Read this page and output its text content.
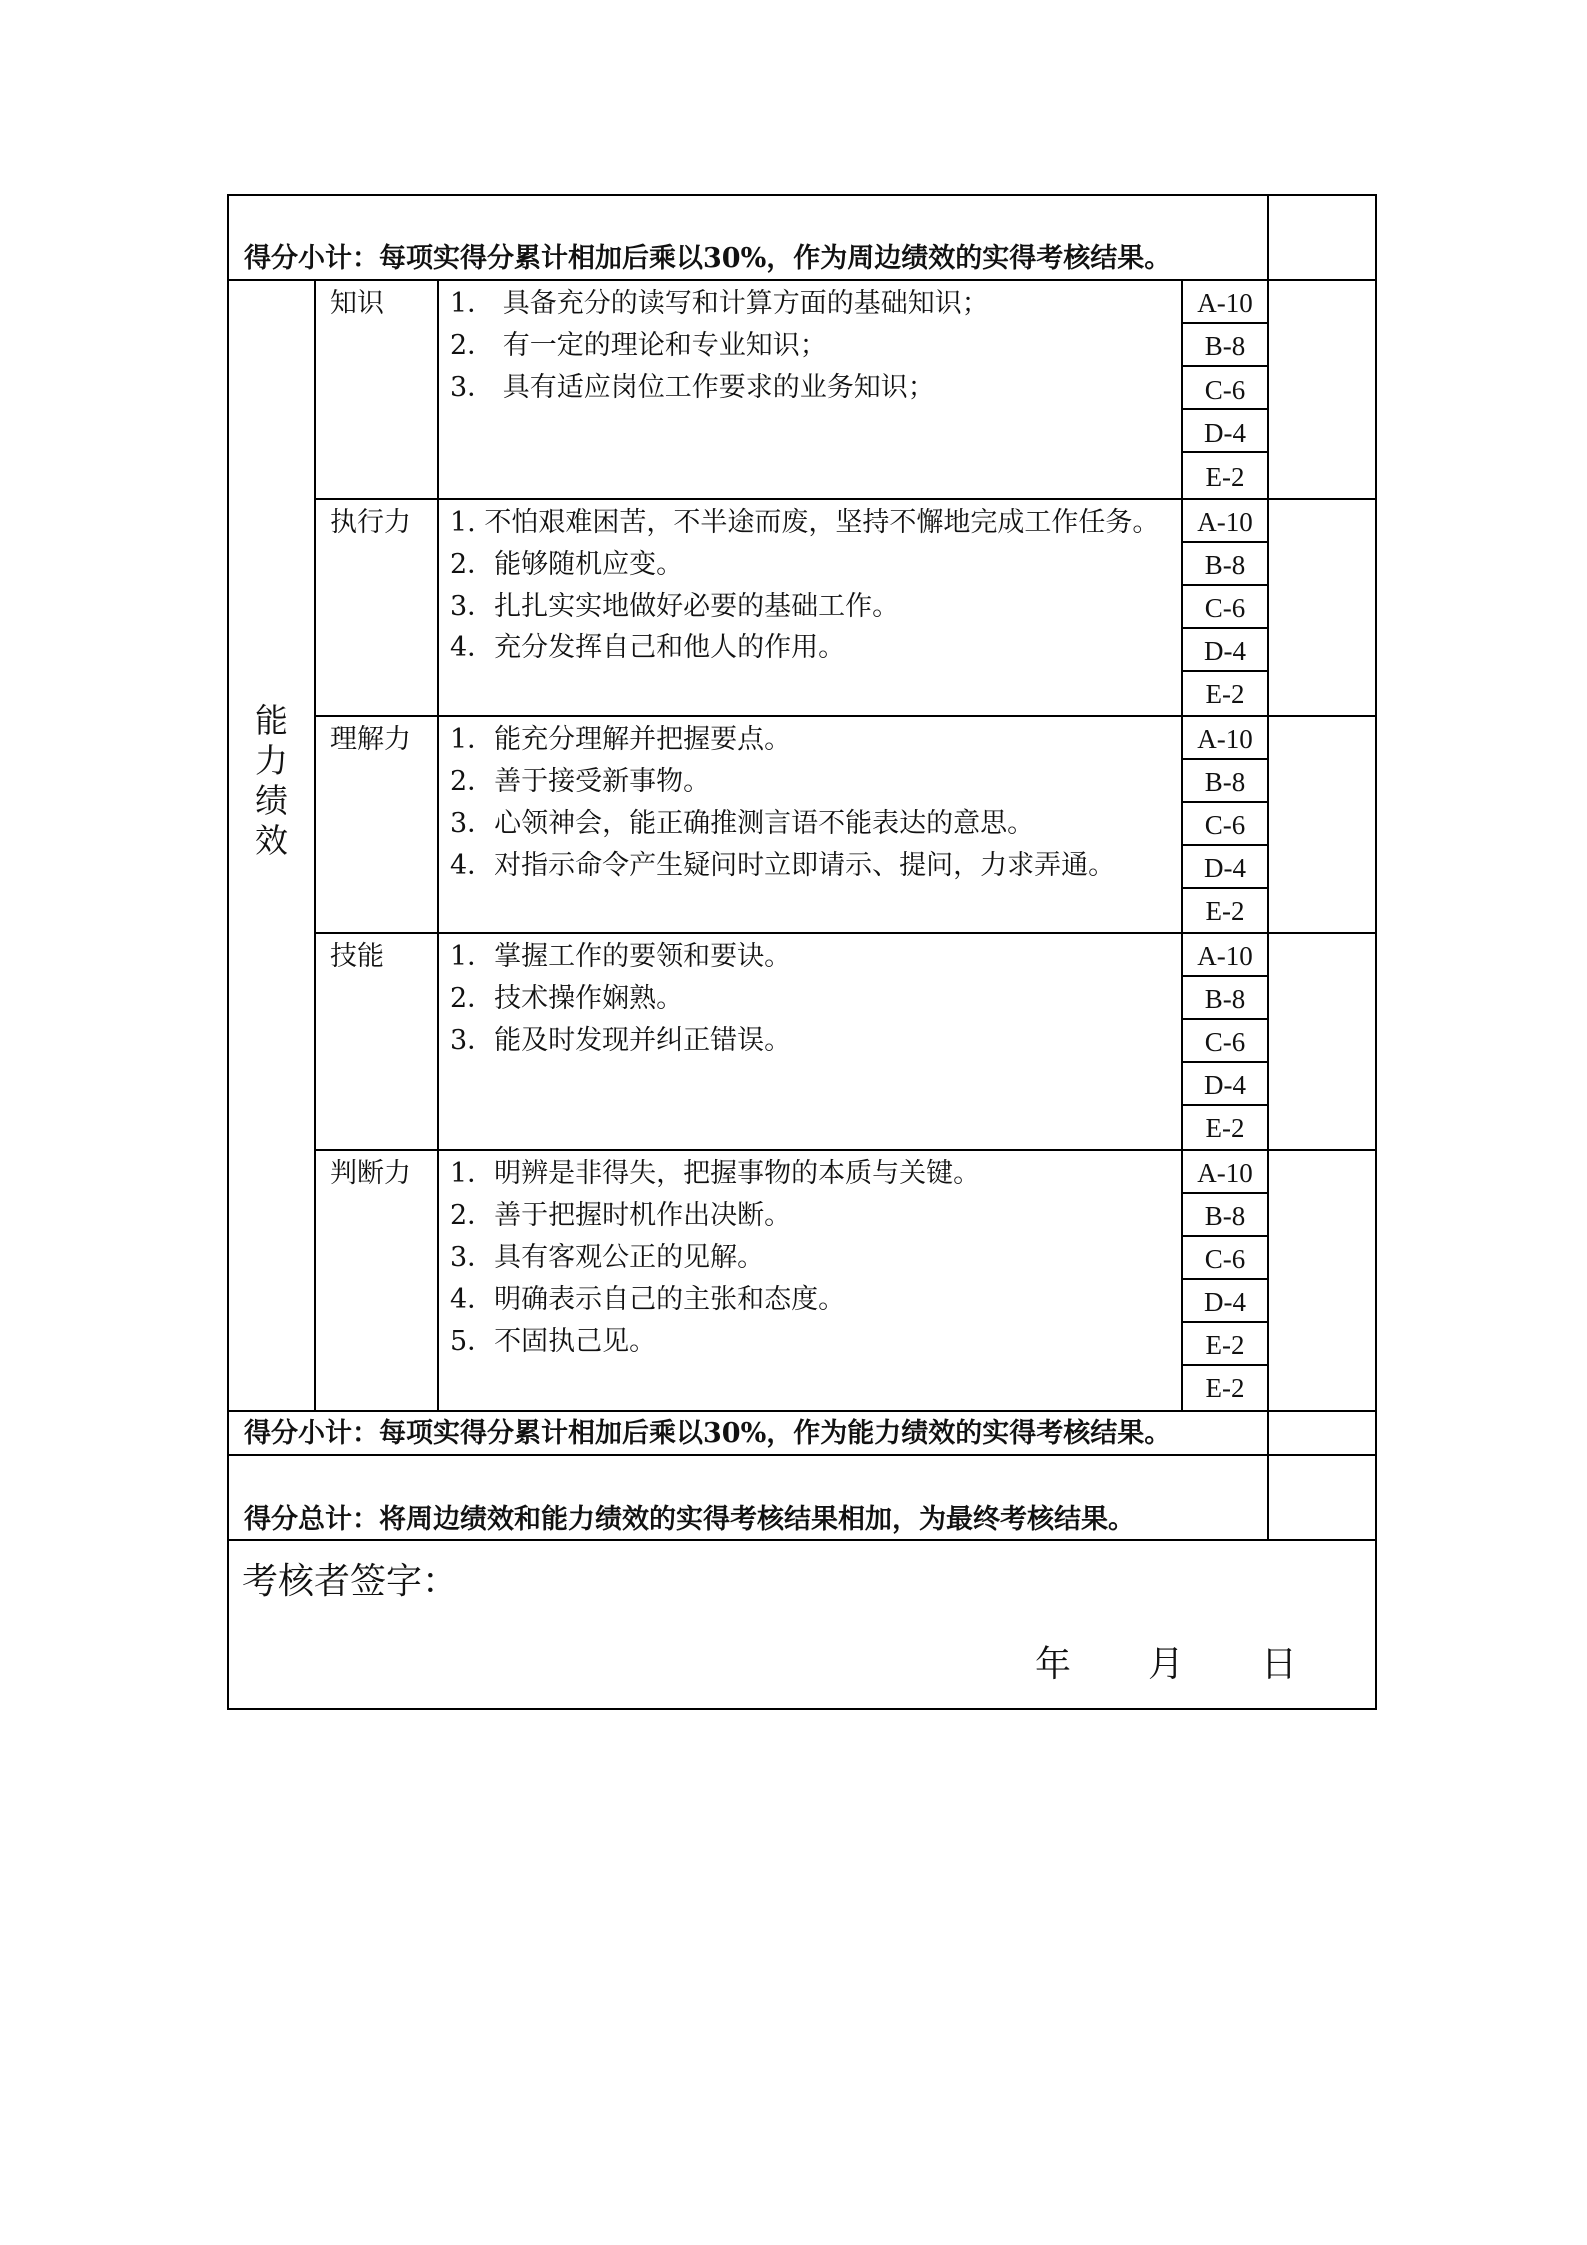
得分小计：每项实得分累计相加后乘以30%，作为周边绩效的实得考核结果。
能
力
绩
效
知识 1． 具备充分的读写和计算方面的基础知识；
2． 有一定的理论和专业知识；
3． 具有适应岗位工作要求的业务知识；
A-10
B-8
C-6
D-4
E-2
执行力 1. 不怕艰难困苦，不半途而废，坚持不懈地完成工作任务。
2．能够随机应变。
3．扎扎实实地做好必要的基础工作。
4．充分发挥自己和他人的作用。
A-10
B-8
C-6
D-4
E-2
理解力 1．能充分理解并把握要点。
2．善于接受新事物。
3．心领神会，能正确推测言语不能表达的意思。
4．对指示命令产生疑问时立即请示、提问，力求弄通。
A-10
B-8
C-6
D-4
E-2
技能 1．掌握工作的要领和要诀。
2．技术操作娴熟。
3．能及时发现并纠正错误。
A-10
B-8
C-6
D-4
E-2
判断力 1．明辨是非得失，把握事物的本质与关键。
2．善于把握时机作出决断。
3．具有客观公正的见解。
4．明确表示自己的主张和态度。
5．不固执己见。
A-10
B-8
C-6
D-4
E-2
E-2
得分小计：每项实得分累计相加后乘以30%，作为能力绩效的实得考核结果。
得分总计：将周边绩效和能力绩效的实得考核结果相加，为最终考核结果。
考核者签字：
年 月 日
